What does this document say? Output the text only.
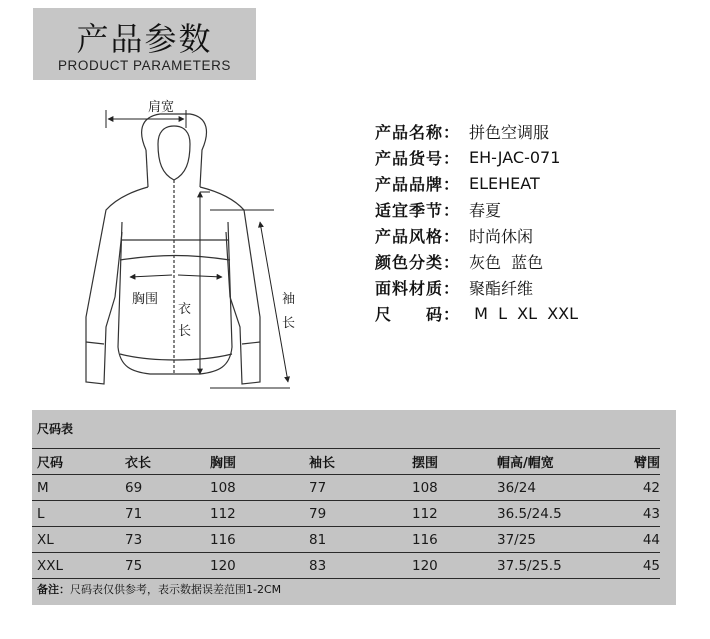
产品参数
PRODUCT PARAMETERS
肩宽
胸围
衣
长
袖
长
产品名称： 拼色空调服
产品货号： EH-JAC-071
产品品牌： ELEHEAT
适宜季节： 春夏
产品风格： 时尚休闲
颜色分类： 灰色  蓝色
面料材质： 聚酯纤维
尺　　码： M  L  XL  XXL
尺码表
尺码	衣长	胸围	袖长	摆围	帽高/帽宽	臂围
M	69	108	77	108	36/24	42
L	71	112	79	112	36.5/24.5	43
XL	73	116	81	116	37/25	44
XXL	75	120	83	120	37.5/25.5	45
备注：尺码表仅供参考，表示数据误差范围1-2CM
